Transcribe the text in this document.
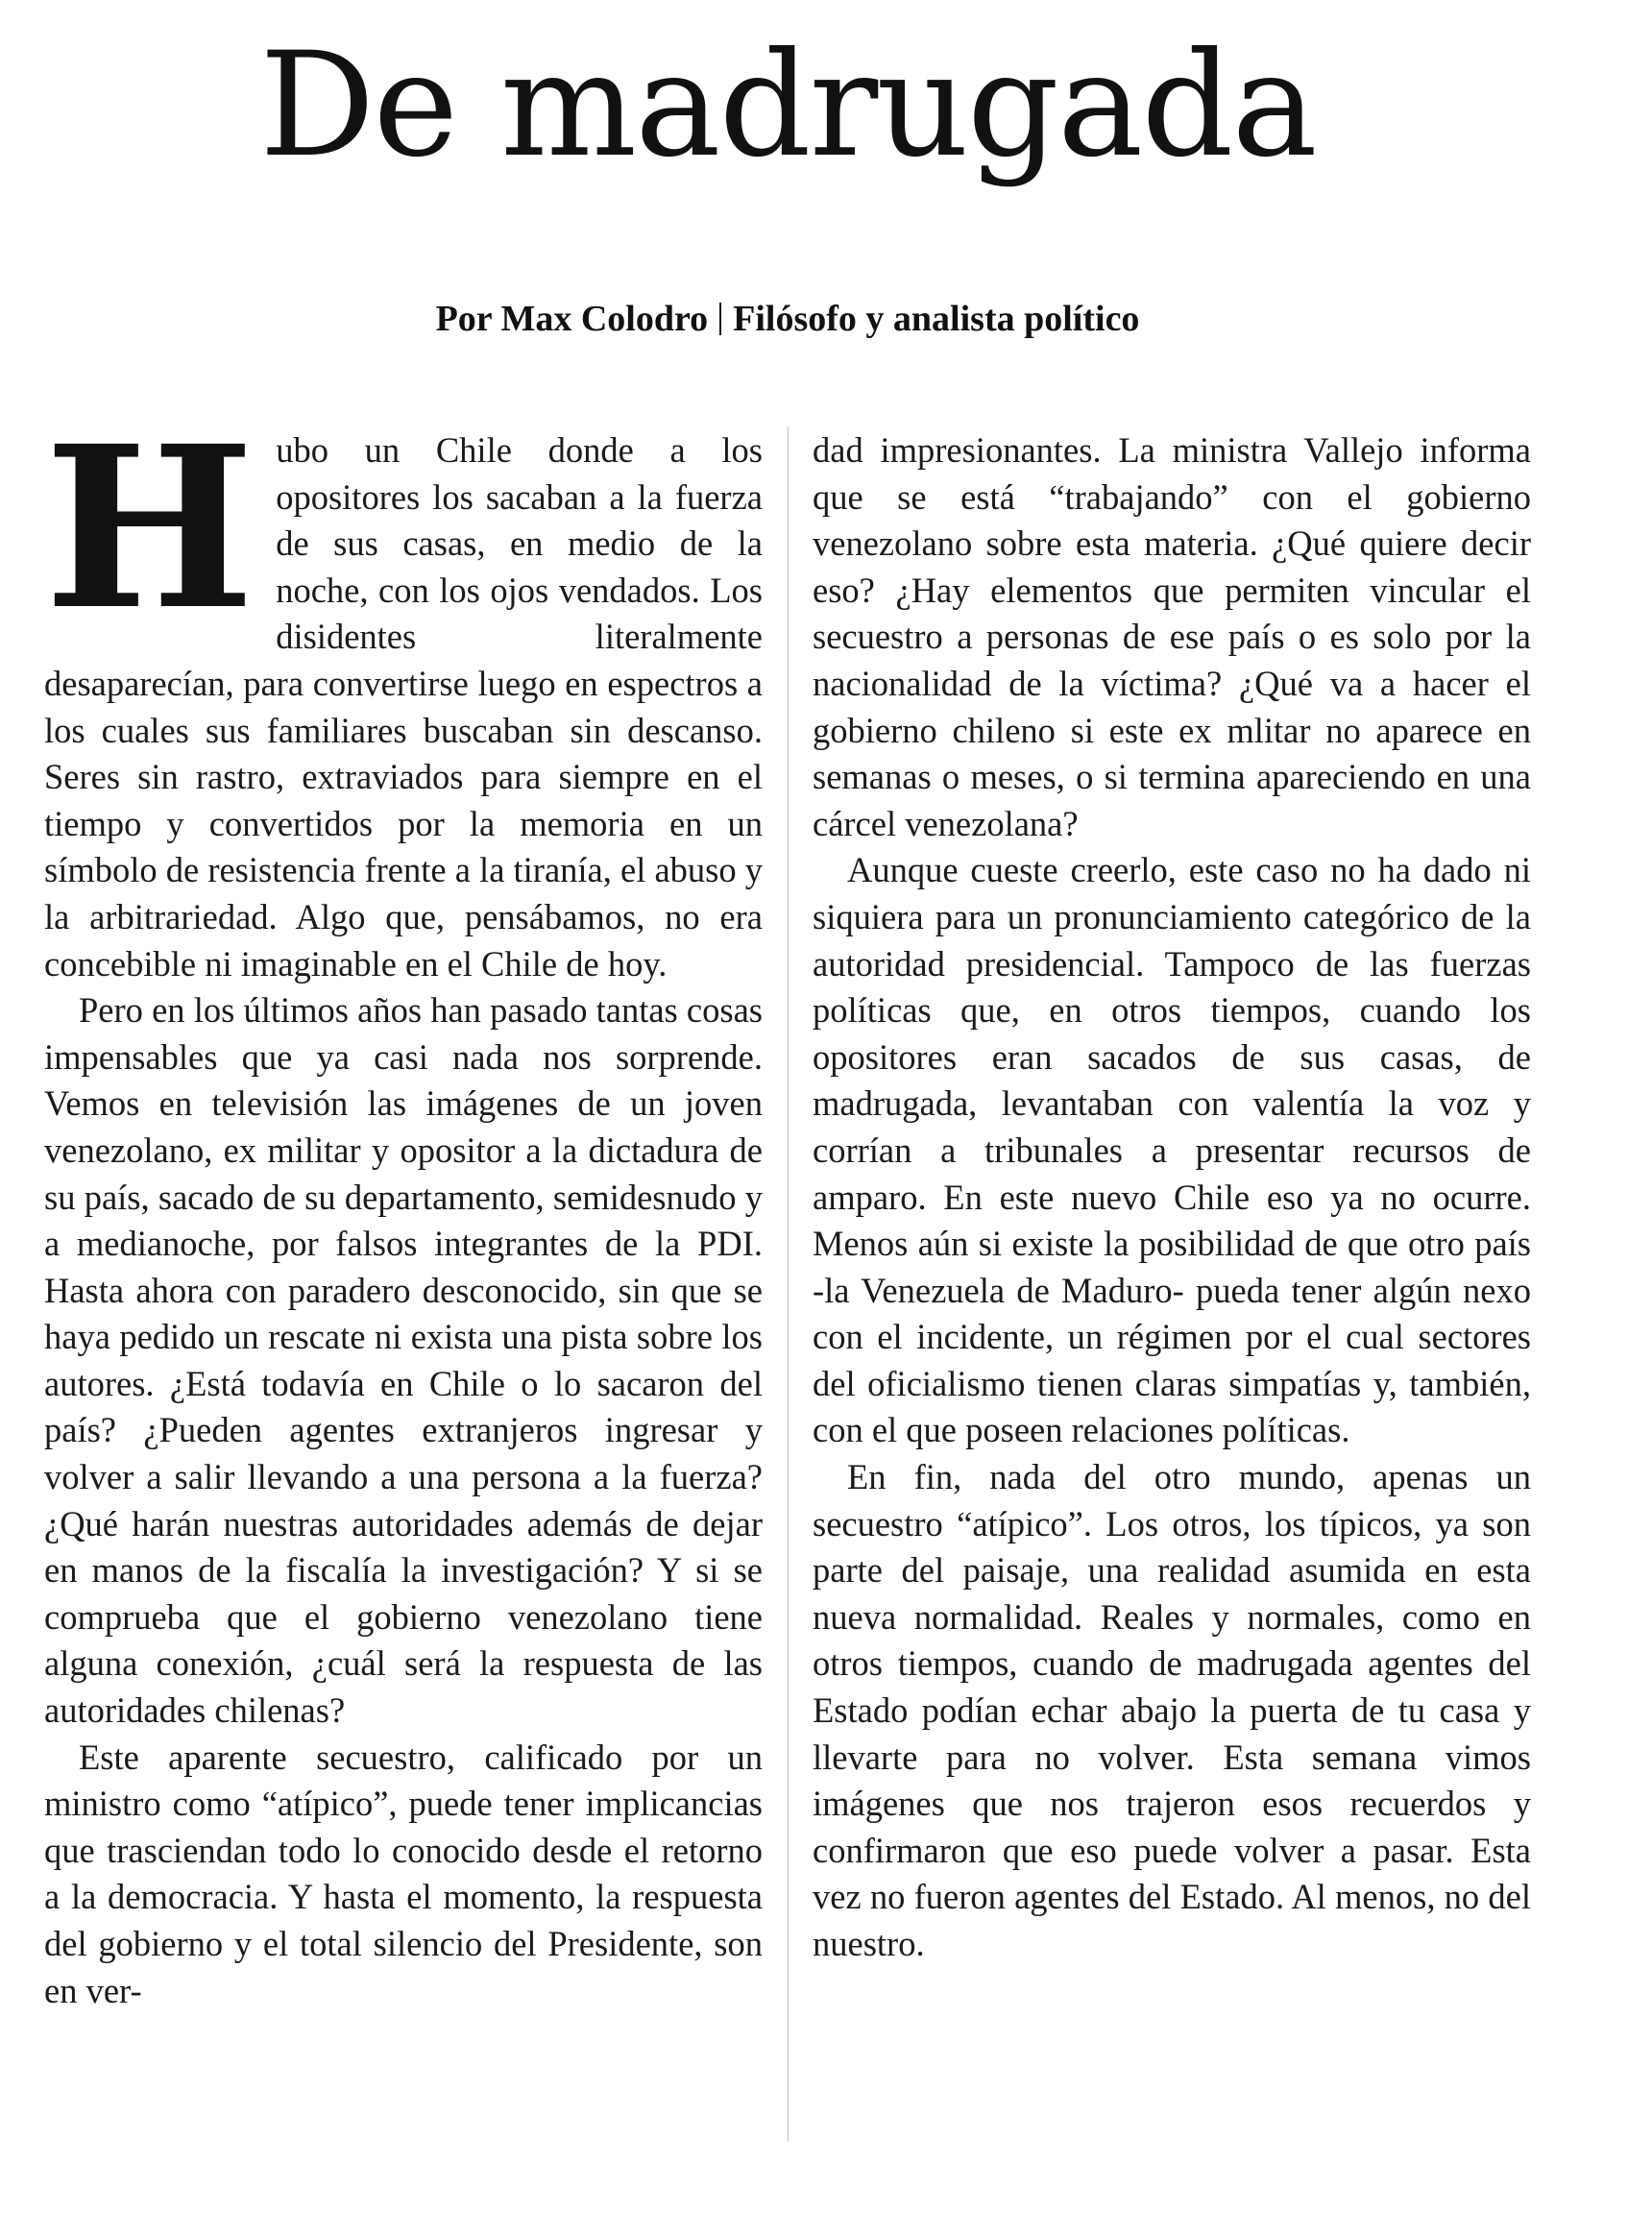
De madrugada
Por Max Colodro Filósofo y analista político

Hubo un Chile donde a los opositores los sacaban a la fuerza de sus casas, en medio de la noche, con los ojos vendados. Los disidentes literalmente desaparecían, para convertirse luego en espectros a los cuales sus familiares buscaban sin descanso. Seres sin rastro, extraviados para siempre en el tiempo y convertidos por la memoria en un símbolo de resistencia frente a la tiranía, el abuso y la arbitrariedad. Algo que, pensábamos, no era concebible ni imaginable en el Chile de hoy.

Pero en los últimos años han pasado tantas cosas impensables que ya casi nada nos sorprende. Vemos en televisión las imágenes de un joven venezolano, ex militar y opositor a la dictadura de su país, sacado de su departamento, semidesnudo y a medianoche, por falsos integrantes de la PDI. Hasta ahora con paradero desconocido, sin que se haya pedido un rescate ni exista una pista sobre los autores. ¿Está todavía en Chile o lo sacaron del país? ¿Pueden agentes extranjeros ingresar y volver a salir llevando a una persona a la fuerza? ¿Qué harán nuestras autoridades además de dejar en manos de la fiscalía la investigación? Y si se comprueba que el gobierno venezolano tiene alguna conexión, ¿cuál será la respuesta de las autoridades chilenas?

Este aparente secuestro, calificado por un ministro como “atípico”, puede tener implicancias que trasciendan todo lo conocido desde el retorno a la democracia. Y hasta el momento, la respuesta del gobierno y el total silencio del Presidente, son en ver-

dad impresionantes. La ministra Vallejo informa que se está “trabajando” con el gobierno venezolano sobre esta materia. ¿Qué quiere decir eso? ¿Hay elementos que permiten vincular el secuestro a personas de ese país o es solo por la nacionalidad de la víctima? ¿Qué va a hacer el gobierno chileno si este ex mlitar no aparece en semanas o meses, o si termina apareciendo en una cárcel venezolana?

Aunque cueste creerlo, este caso no ha dado ni siquiera para un pronunciamiento categórico de la autoridad presidencial. Tampoco de las fuerzas políticas que, en otros tiempos, cuando los opositores eran sacados de sus casas, de madrugada, levantaban con valentía la voz y corrían a tribunales a presentar recursos de amparo. En este nuevo Chile eso ya no ocurre. Menos aún si existe la posibilidad de que otro país -la Venezuela de Maduro- pueda tener algún nexo con el incidente, un régimen por el cual sectores del oficialismo tienen claras simpatías y, también, con el que poseen relaciones políticas.

En fin, nada del otro mundo, apenas un secuestro “atípico”. Los otros, los típicos, ya son parte del paisaje, una realidad asumida en esta nueva normalidad. Reales y normales, como en otros tiempos, cuando de madrugada agentes del Estado podían echar abajo la puerta de tu casa y llevarte para no volver. Esta semana vimos imágenes que nos trajeron esos recuerdos y confirmaron que eso puede volver a pasar. Esta vez no fueron agentes del Estado. Al menos, no del nuestro.
